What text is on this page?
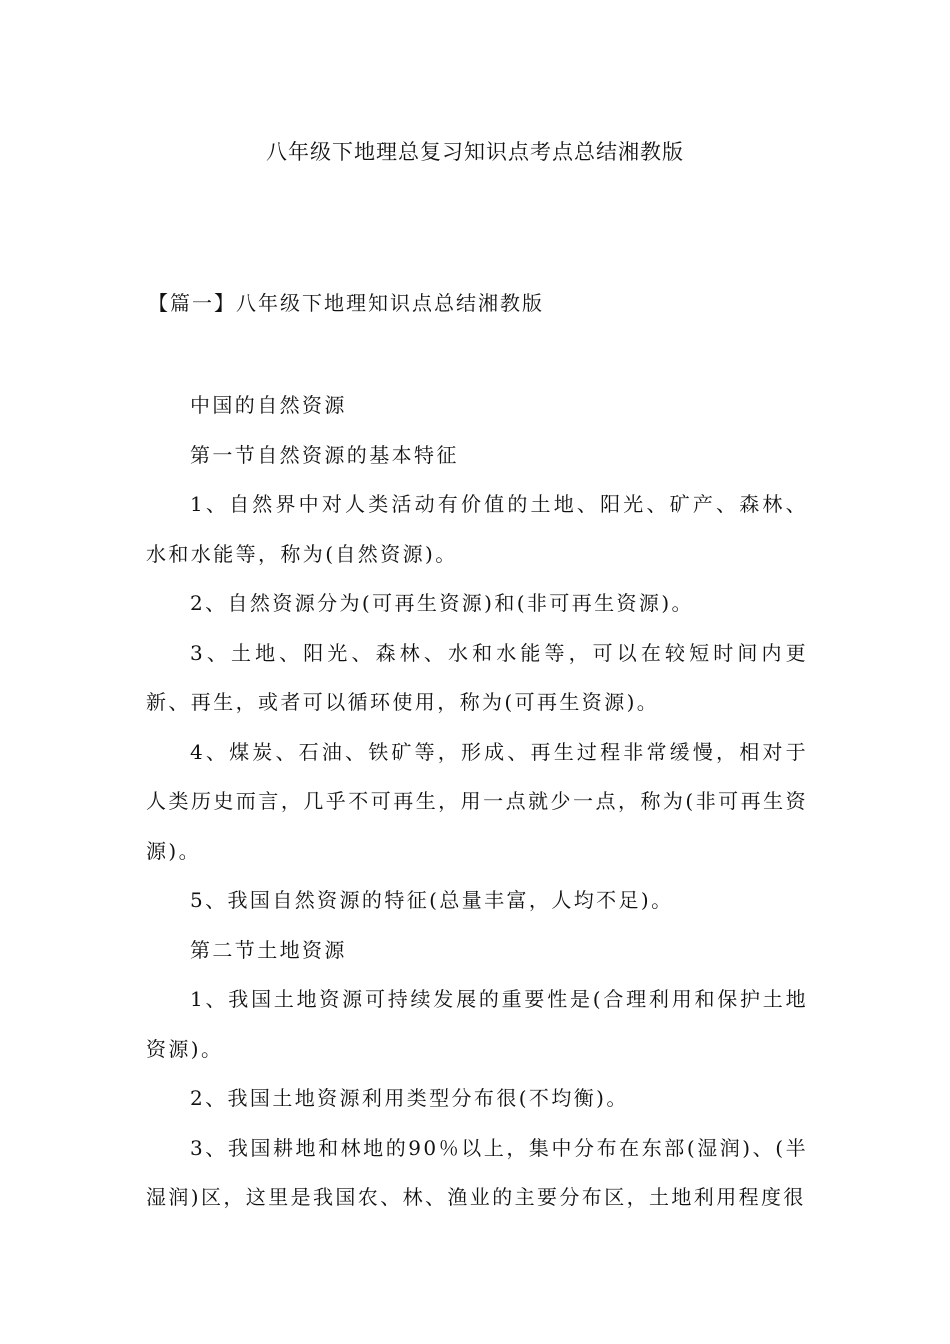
八年级下地理总复习知识点考点总结湘教版
【篇一】八年级下地理知识点总结湘教版

中国的自然资源

第一节自然资源的基本特征

1、自然界中对人类活动有价值的土地、阳光、矿产、森林、水和水能等，称为(自然资源)。

2、自然资源分为(可再生资源)和(非可再生资源)。

3、土地、阳光、森林、水和水能等，可以在较短时间内更新、再生，或者可以循环使用，称为(可再生资源)。

4、煤炭、石油、铁矿等，形成、再生过程非常缓慢，相对于人类历史而言，几乎不可再生，用一点就少一点，称为(非可再生资源)。

5、我国自然资源的特征(总量丰富，人均不足)。

第二节土地资源

1、我国土地资源可持续发展的重要性是(合理利用和保护土地资源)。

2、我国土地资源利用类型分布很(不均衡)。

3、我国耕地和林地的90％以上，集中分布在东部(湿润)、(半湿润)区，这里是我国农、林、渔业的主要分布区，土地利用程度很
